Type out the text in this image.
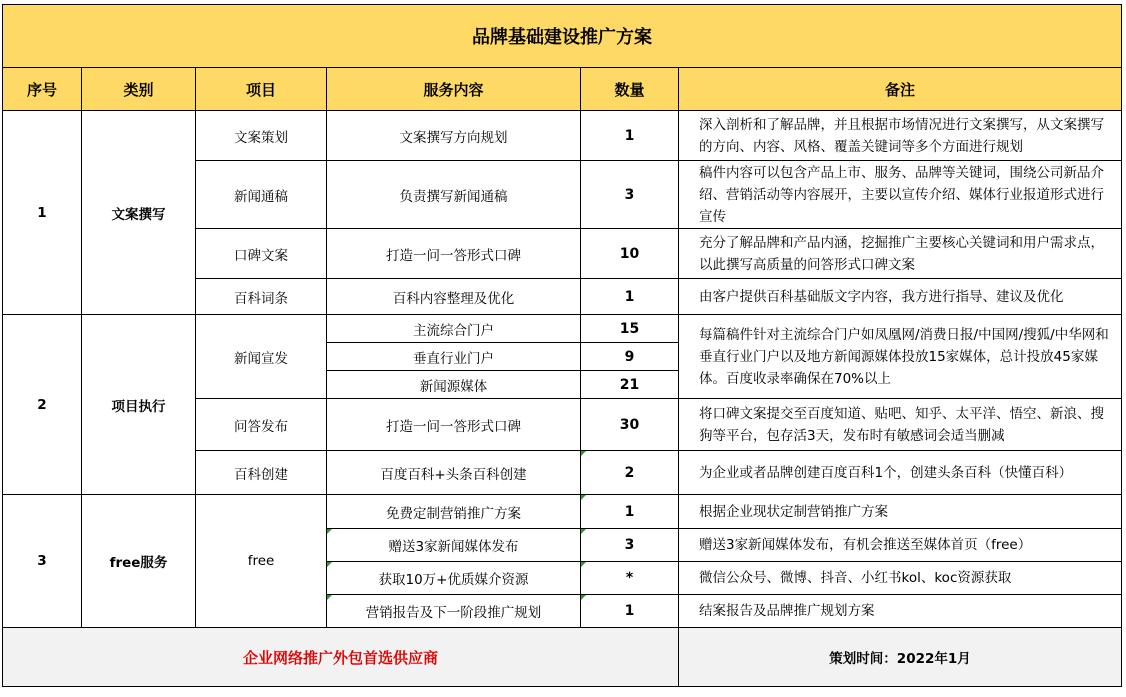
品牌基础建设推广方案					
序号	类别	项目	服务内容	数量	备注
1	文案撰写	文案策划	文案撰写方向规划	1	深入剖析和了解品牌，并且根据市场情况进行文案撰写，从文案撰写的方向、内容、风格、覆盖关键词等多个方面进行规划
		新闻通稿	负责撰写新闻通稿	3	稿件内容可以包含产品上市、服务、品牌等关键词，围绕公司新品介绍、营销活动等内容展开，主要以宣传介绍、媒体行业报道形式进行宣传
		口碑文案	打造一问一答形式口碑	10	充分了解品牌和产品内涵，挖掘推广主要核心关键词和用户需求点，以此撰写高质量的问答形式口碑文案
		百科词条	百科内容整理及优化	1	由客户提供百科基础版文字内容，我方进行指导、建议及优化
2	项目执行	新闻宣发	主流综合门户	15	每篇稿件针对主流综合门户如凤凰网/消费日报/中国网/搜狐/中华网和垂直行业门户以及地方新闻源媒体投放15家媒体，总计投放45家媒体。百度收录率确保在70%以上
			垂直行业门户	9	
			新闻源媒体	21	
		问答发布	打造一问一答形式口碑	30	将口碑文案提交至百度知道、贴吧、知乎、太平洋、悟空、新浪、搜狗等平台，包存活3天，发布时有敏感词会适当删减
		百科创建	百度百科+头条百科创建	2	为企业或者品牌创建百度百科1个，创建头条百科（快懂百科）
3	free服务	free	免费定制营销推广方案	1	根据企业现状定制营销推广方案
			赠送3家新闻媒体发布	3	赠送3家新闻媒体发布，有机会推送至媒体首页（free）
			获取10万+优质媒介资源	*	微信公众号、微博、抖音、小红书kol、koc资源获取
			营销报告及下一阶段推广规划	1	结案报告及品牌推广规划方案
企业网络推广外包首选供应商					策划时间：2022年1月
